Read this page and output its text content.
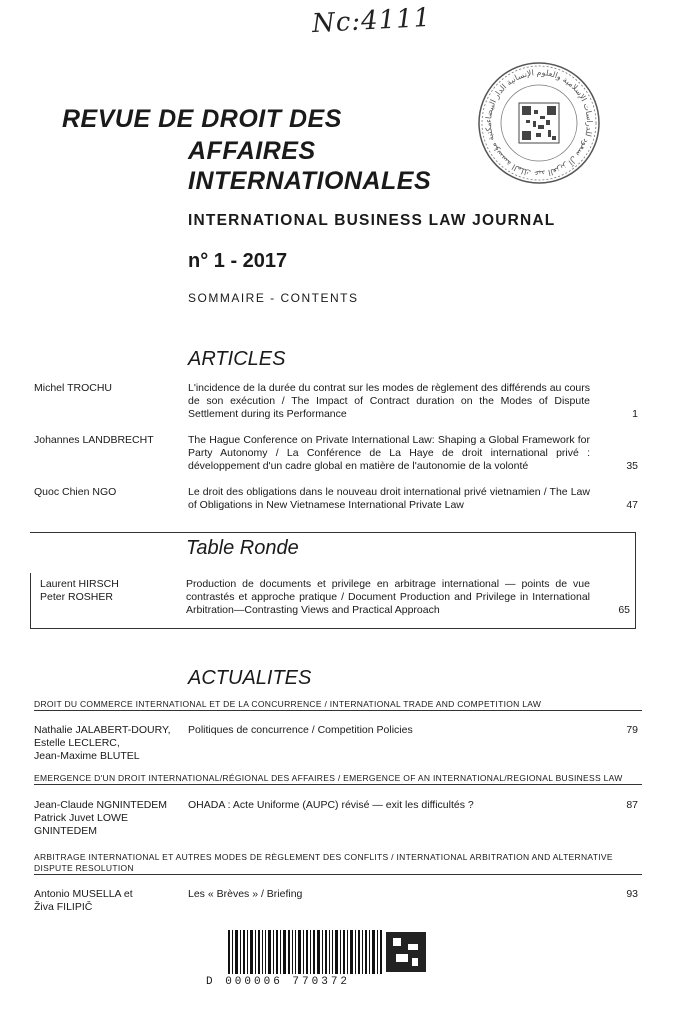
Nc:4111
مكتبة مؤسسة الملك عبد العزيز آل سعود للدراسات الإسلامية والعلوم الإنسانية الدار البيضاء
REVUE DE DROIT DES
AFFAIRES
INTERNATIONALES
INTERNATIONAL BUSINESS LAW JOURNAL
n° 1 - 2017
SOMMAIRE - CONTENTS
ARTICLES
Michel TROCHU	L'incidence de la durée du contrat sur les modes de règlement des différends au cours de son exécution / The Impact of Contract duration on the Modes of Dispute Settlement during its Performance	1
Johannes LANDBRECHT	The Hague Conference on Private International Law: Shaping a Global Framework for Party Autonomy / La Conférence de La Haye de droit international privé : développement d'un cadre global en matière de l'autonomie de la volonté	35
Quoc Chien NGO	Le droit des obligations dans le nouveau droit international privé vietnamien / The Law of Obligations in New Vietnamese International Private Law	47
Table Ronde
Laurent HIRSCH
Peter ROSHER
Production de documents et privilege en arbitrage international — points de vue contrastés et approche pratique / Document Production and Privilege in International Arbitration—Contrasting Views and Practical Approach	65
ACTUALITES
DROIT DU COMMERCE INTERNATIONAL ET DE LA CONCURRENCE / INTERNATIONAL TRADE AND COMPETITION LAW
Nathalie JALABERT-DOURY,
Estelle LECLERC,
Jean-Maxime BLUTEL
Politiques de concurrence / Competition Policies	79
EMERGENCE D'UN DROIT INTERNATIONAL/RÉGIONAL DES AFFAIRES / EMERGENCE OF AN INTERNATIONAL/REGIONAL BUSINESS LAW
Jean-Claude NGNINTEDEM
Patrick Juvet LOWE
GNINTEDEM
OHADA : Acte Uniforme (AUPC) révisé — exit les difficultés ?	87
ARBITRAGE INTERNATIONAL ET AUTRES MODES DE RÈGLEMENT DES CONFLITS / INTERNATIONAL ARBITRATION AND ALTERNATIVE DISPUTE RESOLUTION
Antonio MUSELLA et
Živa FILIPIČ
Les « Brèves » / Briefing	93
D 000006 770372
